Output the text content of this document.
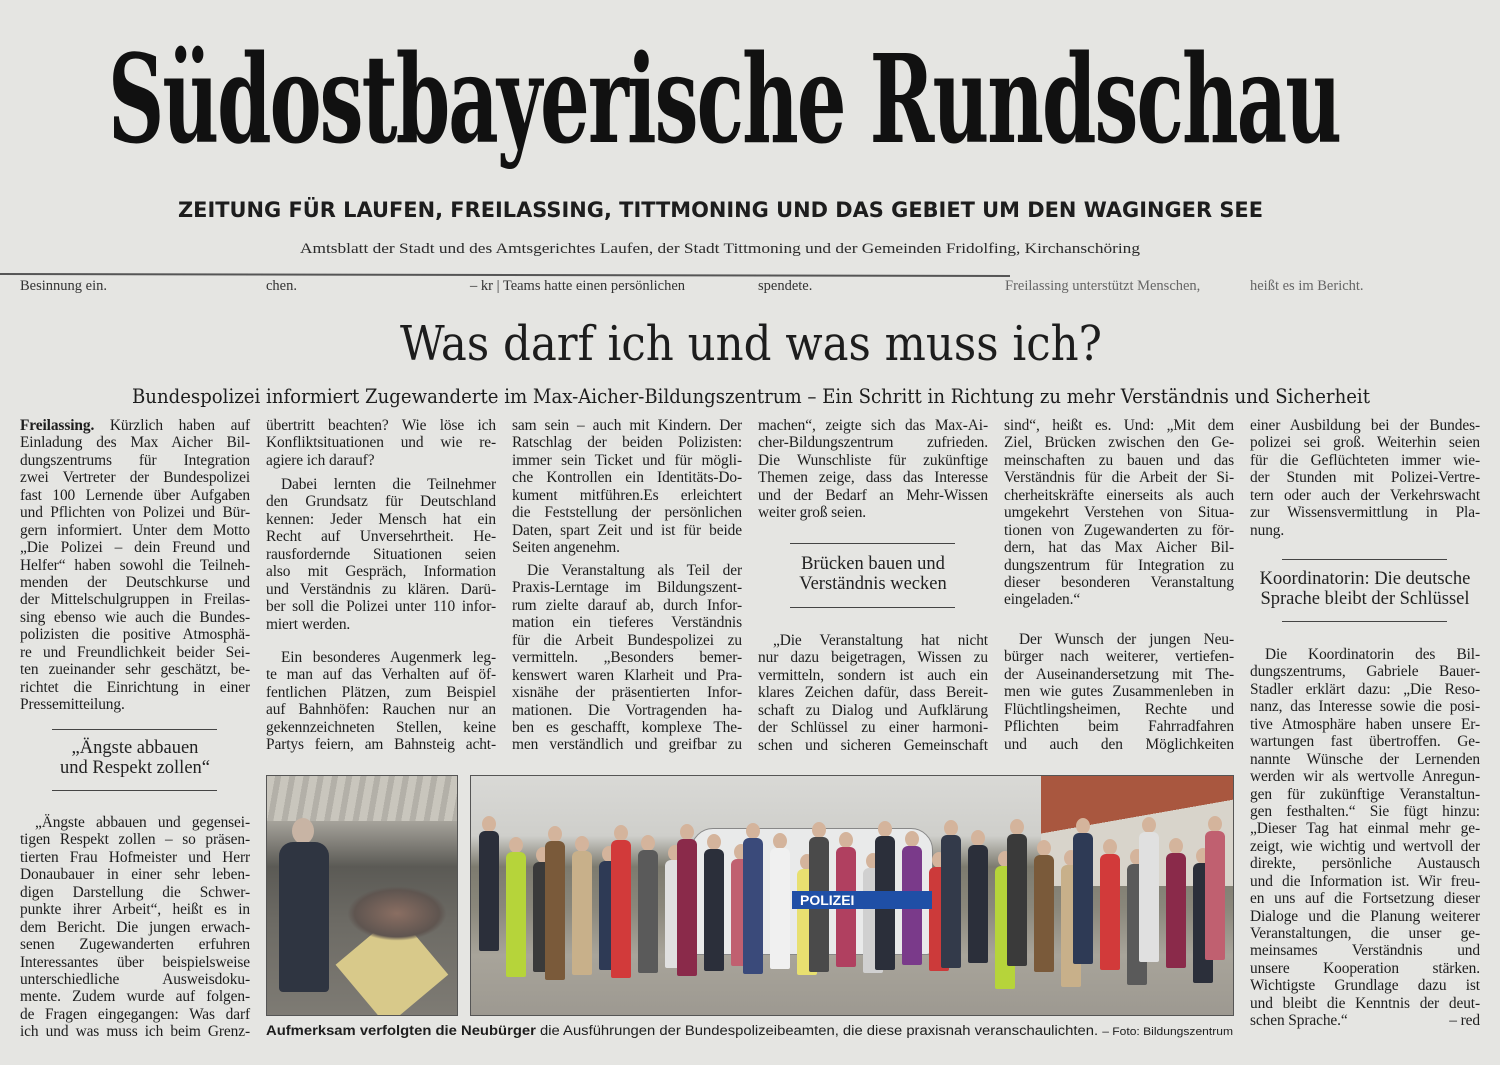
Südostbayerische Rundschau
ZEITUNG FÜR LAUFEN, FREILASSING, TITTMONING UND DAS GEBIET UM DEN WAGINGER SEE
Amtsblatt der Stadt und des Amtsgerichtes Laufen, der Stadt Tittmoning und der Gemeinden Fridolfing, Kirchanschöring
Besinnung ein.	chen.	– kr | Teams hatte einen persönlichen	spendete.	Freilassing unterstützt Menschen,	heißt es im Bericht.
Was darf ich und was muss ich?
Bundespolizei informiert Zugewanderte im Max-Aicher-Bildungszentrum – Ein Schritt in Richtung zu mehr Verständnis und Sicherheit
Freilassing. Kürzlich haben auf
Einladung des Max Aicher Bil-
dungszentrums für Integration
zwei Vertreter der Bundespolizei
fast 100 Lernende über Aufgaben
und Pflichten von Polizei und Bür-
gern informiert. Unter dem Motto
„Die Polizei – dein Freund und
Helfer“ haben sowohl die Teilneh-
menden der Deutschkurse und
der Mittelschulgruppen in Freilas-
sing ebenso wie auch die Bundes-
polizisten die positive Atmosphä-
re und Freundlichkeit beider Sei-
ten zueinander sehr geschätzt, be-
richtet die Einrichtung in einer
Pressemitteilung.
„Ängste abbauen
und Respekt zollen“
„Ängste abbauen und gegensei-
tigen Respekt zollen – so präsen-
tierten Frau Hofmeister und Herr
Donaubauer in einer sehr leben-
digen Darstellung die Schwer-
punkte ihrer Arbeit“, heißt es in
dem Bericht. Die jungen erwach-
senen Zugewanderten erfuhren
Interessantes über beispielsweise
unterschiedliche Ausweisdoku-
mente. Zudem wurde auf folgen-
de Fragen eingegangen: Was darf
ich und was muss ich beim Grenz-
übertritt beachten? Wie löse ich
Konfliktsituationen und wie re-
agiere ich darauf?
Dabei lernten die Teilnehmer
den Grundsatz für Deutschland
kennen: Jeder Mensch hat ein
Recht auf Unversehrtheit. He-
rausfordernde Situationen seien
also mit Gespräch, Information
und Verständnis zu klären. Darü-
ber soll die Polizei unter 110 infor-
miert werden.
Ein besonderes Augenmerk leg-
te man auf das Verhalten auf öf-
fentlichen Plätzen, zum Beispiel
auf Bahnhöfen: Rauchen nur an
gekennzeichneten Stellen, keine
Partys feiern, am Bahnsteig acht-
sam sein – auch mit Kindern. Der
Ratschlag der beiden Polizisten:
immer sein Ticket und für mögli-
che Kontrollen ein Identitäts-Do-
kument mitführen.Es erleichtert
die Feststellung der persönlichen
Daten, spart Zeit und ist für beide
Seiten angenehm.
Die Veranstaltung als Teil der
Praxis-Lerntage im Bildungszent-
rum zielte darauf ab, durch Infor-
mation ein tieferes Verständnis
für die Arbeit Bundespolizei zu
vermitteln. „Besonders bemer-
kenswert waren Klarheit und Pra-
xisnähe der präsentierten Infor-
mationen. Die Vortragenden ha-
ben es geschafft, komplexe The-
men verständlich und greifbar zu
machen“, zeigte sich das Max-Ai-
cher-Bildungszentrum zufrieden.
Die Wunschliste für zukünftige
Themen zeige, dass das Interesse
und der Bedarf an Mehr-Wissen
weiter groß seien.
Brücken bauen und
Verständnis wecken
„Die Veranstaltung hat nicht
nur dazu beigetragen, Wissen zu
vermitteln, sondern ist auch ein
klares Zeichen dafür, dass Bereit-
schaft zu Dialog und Aufklärung
der Schlüssel zu einer harmoni-
schen und sicheren Gemeinschaft
sind“, heißt es. Und: „Mit dem
Ziel, Brücken zwischen den Ge-
meinschaften zu bauen und das
Verständnis für die Arbeit der Si-
cherheitskräfte einerseits als auch
umgekehrt Verstehen von Situa-
tionen von Zugewanderten zu för-
dern, hat das Max Aicher Bil-
dungszentrum für Integration zu
dieser besonderen Veranstaltung
eingeladen.“
Der Wunsch der jungen Neu-
bürger nach weiterer, vertiefen-
der Auseinandersetzung mit The-
men wie gutes Zusammenleben in
Flüchtlingsheimen, Rechte und
Pflichten beim Fahrradfahren
und auch den Möglichkeiten
einer Ausbildung bei der Bundes-
polizei sei groß. Weiterhin seien
für die Geflüchteten immer wie-
der Stunden mit Polizei-Vertre-
tern oder auch der Verkehrswacht
zur Wissensvermittlung in Pla-
nung.
Koordinatorin: Die deutsche
Sprache bleibt der Schlüssel
Die Koordinatorin des Bil-
dungszentrums, Gabriele Bauer-
Stadler erklärt dazu: „Die Reso-
nanz, das Interesse sowie die posi-
tive Atmosphäre haben unsere Er-
wartungen fast übertroffen. Ge-
nannte Wünsche der Lernenden
werden wir als wertvolle Anregun-
gen für zukünftige Veranstaltun-
gen festhalten.“ Sie fügt hinzu:
„Dieser Tag hat einmal mehr ge-
zeigt, wie wichtig und wertvoll der
direkte, persönliche Austausch
und die Information ist. Wir freu-
en uns auf die Fortsetzung dieser
Dialoge und die Planung weiterer
Veranstaltungen, die unser ge-
meinsames Verständnis und
unsere Kooperation stärken.
Wichtigste Grundlage dazu ist
und bleibt die Kenntnis der deut-
schen Sprache.“	– red
POLIZEI
Aufmerksam verfolgten die Neubürger die Ausführungen der Bundespolizeibeamten, die diese praxisnah veranschaulichten. – Foto: Bildungszentrum
